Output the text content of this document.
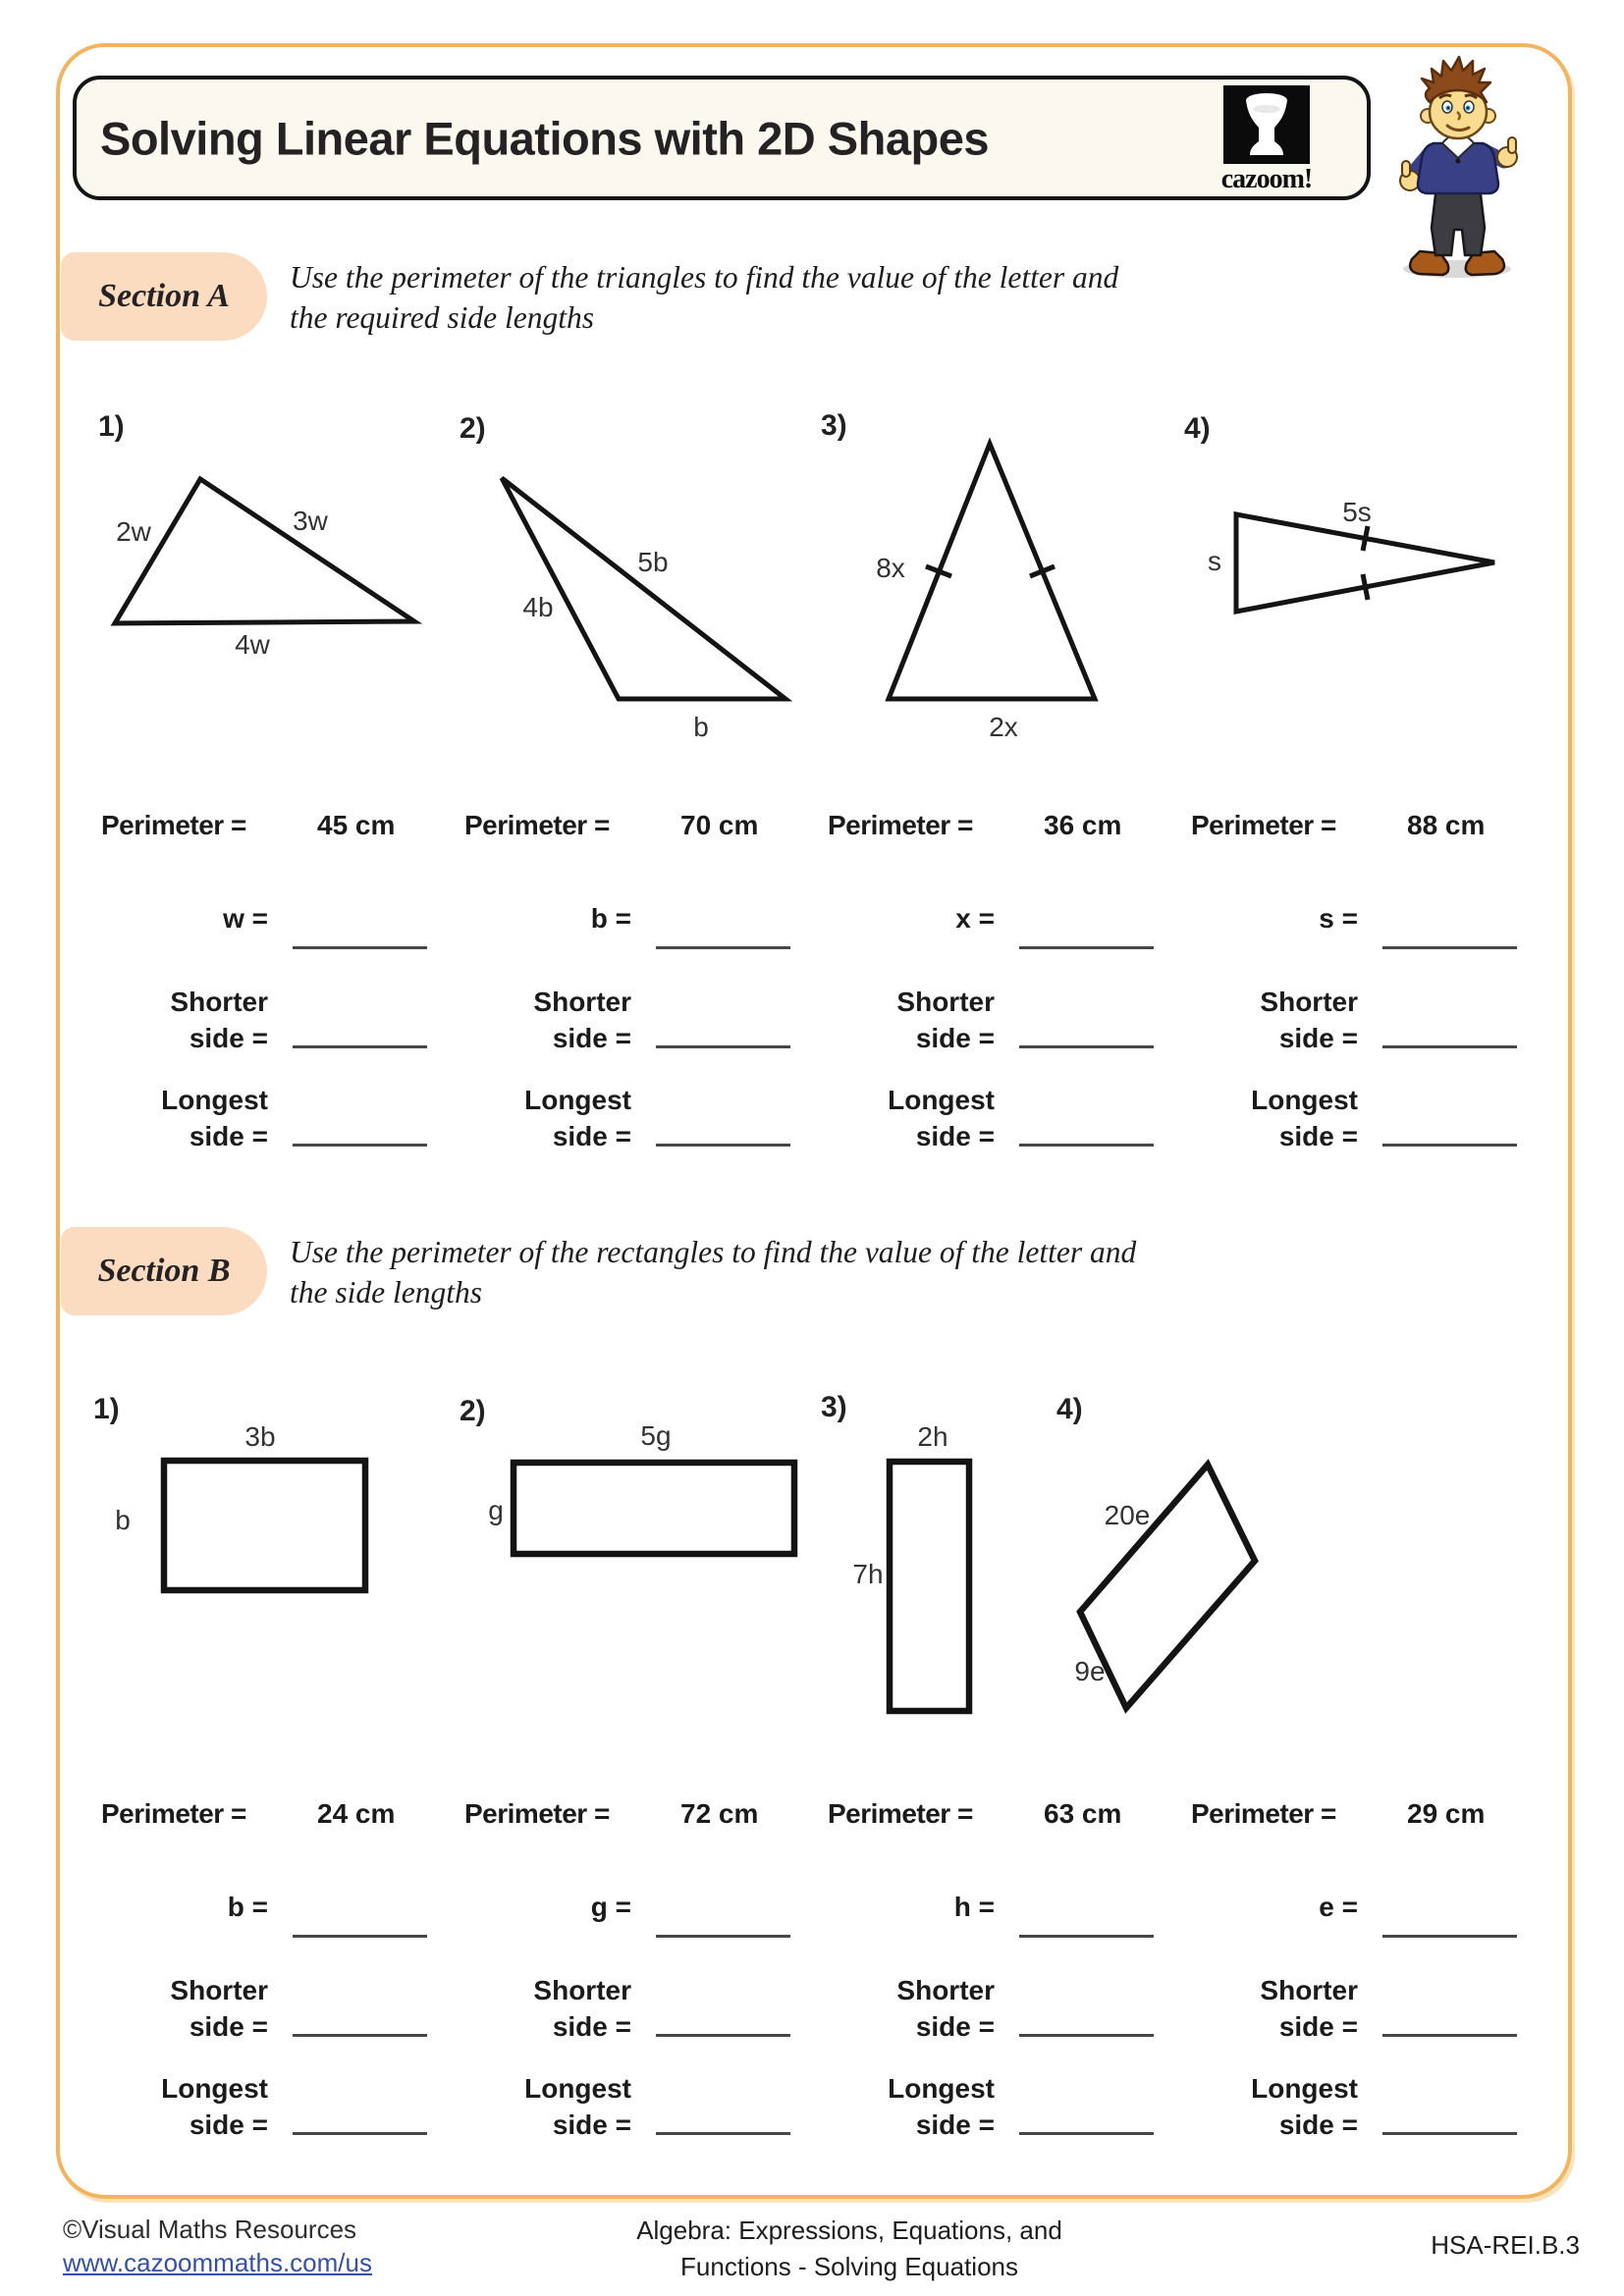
Solving Linear Equations with 2D Shapes
cazoom!
Section A
Use the perimeter of the triangles to find the value of the letter and
the required side lengths
Section B
Use the perimeter of the rectangles to find the value of the letter and
the side lengths
1)
2w	3w
4w
2)
4b
5b
b
3)
8x
2x
4)
s
5s
1)
3b
b
2)
5g
g
3)
2h
7h
4)
20e
9e
Perimeter =	45 cm
w =
Shorter
side =
Longest
side =
Perimeter =	70 cm
b =
Shorter
side =
Longest
side =
Perimeter =	36 cm
x =
Shorter
side =
Longest
side =
Perimeter =	88 cm
s =
Shorter
side =
Longest
side =
Perimeter =	24 cm
b =
Shorter
side =
Longest
side =
Perimeter =	72 cm
g =
Shorter
side =
Longest
side =
Perimeter =	63 cm
h =
Shorter
side =
Longest
side =
Perimeter =	29 cm
e =
Shorter
side =
Longest
side =
©Visual Maths Resources
www.cazoommaths.com/us
Algebra: Expressions, Equations, and
Functions - Solving Equations
HSA-REI.B.3
